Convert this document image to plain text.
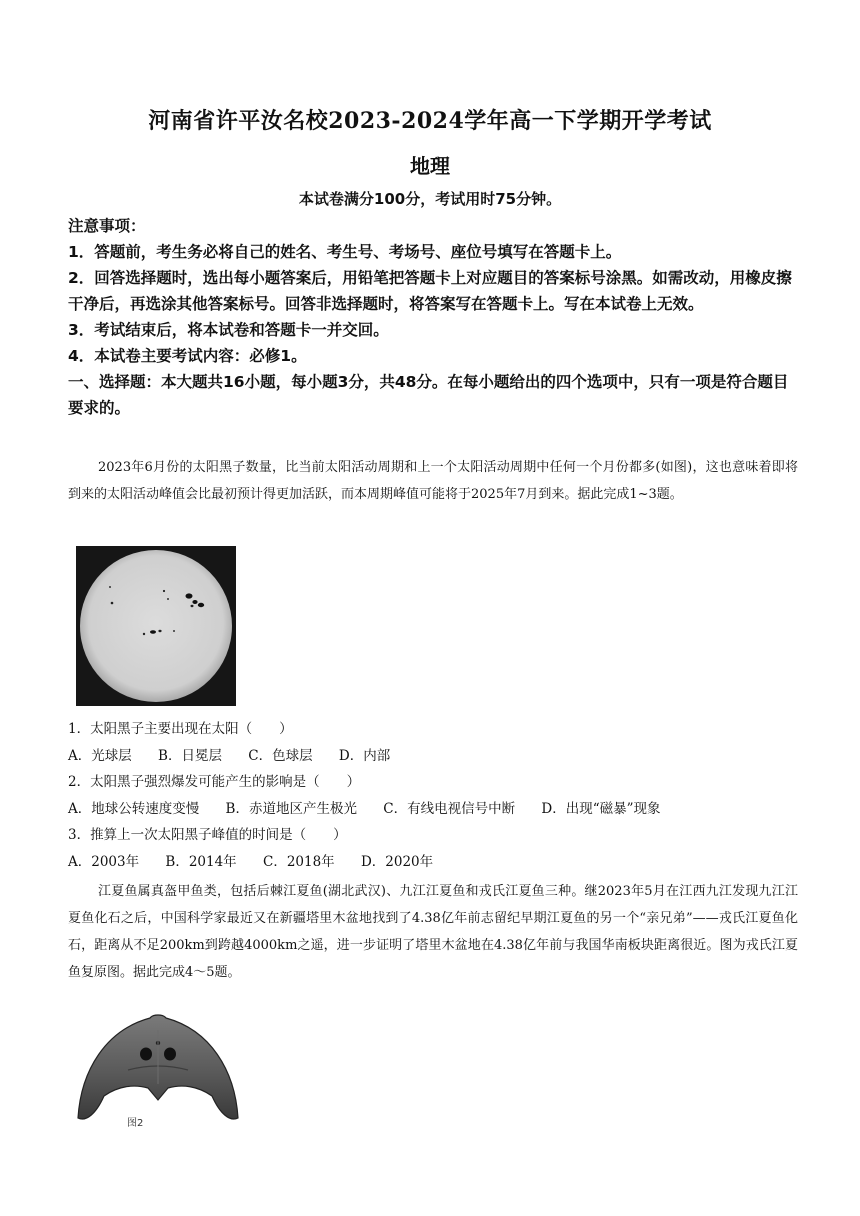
河南省许平汝名校2023-2024学年高一下学期开学考试
地理
本试卷满分100分，考试用时75分钟。
注意事项：
1．答题前，考生务必将自己的姓名、考生号、考场号、座位号填写在答题卡上。
2．回答选择题时，选出每小题答案后，用铅笔把答题卡上对应题目的答案标号涂黑。如需改动，用橡皮擦干净后，再选涂其他答案标号。回答非选择题时，将答案写在答题卡上。写在本试卷上无效。
3．考试结束后，将本试卷和答题卡一并交回。
4．本试卷主要考试内容：必修1。
一、选择题：本大题共16小题，每小题3分，共48分。在每小题给出的四个选项中，只有一项是符合题目要求的。

2023年6月份的太阳黑子数量，比当前太阳活动周期和上一个太阳活动周期中任何一个月份都多(如图)，这也意味着即将到来的太阳活动峰值会比最初预计得更加活跃，而本周期峰值可能将于2025年7月到来。据此完成1~3题。

1．太阳黑子主要出现在太阳（　　）
A．光球层 B．日冕层 C．色球层 D．内部
2．太阳黑子强烈爆发可能产生的影响是（　　）
A．地球公转速度变慢 B．赤道地区产生极光 C．有线电视信号中断 D．出现“磁暴”现象
3．推算上一次太阳黑子峰值的时间是（　　）
A．2003年 B．2014年 C．2018年 D．2020年

江夏鱼属真盔甲鱼类，包括后棘江夏鱼(湖北武汉)、九江江夏鱼和戎氏江夏鱼三种。继2023年5月在江西九江发现九江江夏鱼化石之后，中国科学家最近又在新疆塔里木盆地找到了4.38亿年前志留纪早期江夏鱼的另一个“亲兄弟”——戎氏江夏鱼化石，距离从不足200km到跨越4000km之遥，进一步证明了塔里木盆地在4.38亿年前与我国华南板块距离很近。图为戎氏江夏鱼复原图。据此完成4～5题。

图2
